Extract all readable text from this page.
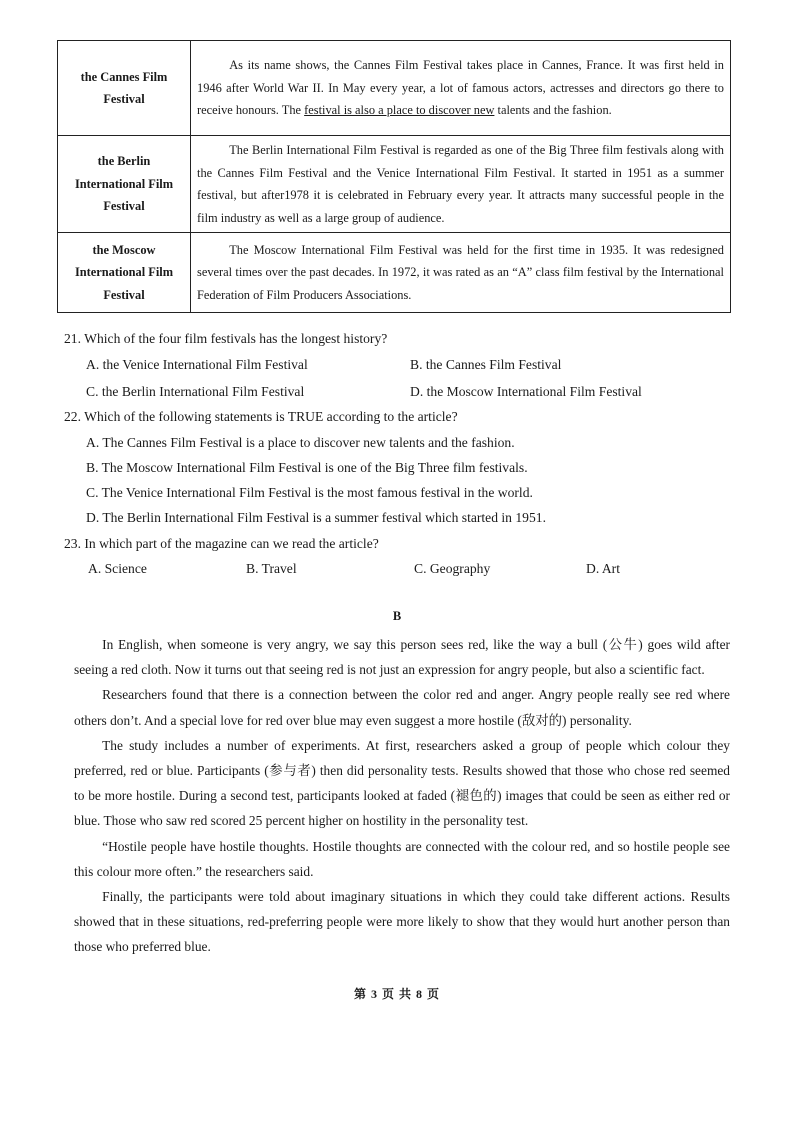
the Cannes Film Festival	As its name shows, the Cannes Film Festival takes place in Cannes, France. It was first held in 1946 after World War II. In May every year, a lot of famous actors, actresses and directors go there to receive honours. The festival is also a place to discover new talents and the fashion.
the Berlin International Film Festival	The Berlin International Film Festival is regarded as one of the Big Three film festivals along with the Cannes Film Festival and the Venice International Film Festival. It started in 1951 as a summer festival, but after1978 it is celebrated in February every year. It attracts many successful people in the film industry as well as a large group of audience.
the Moscow International Film Festival	The Moscow International Film Festival was held for the first time in 1935. It was redesigned several times over the past decades. In 1972, it was rated as an “A” class film festival by the International Federation of Film Producers Associations.
21. Which of the four film festivals has the longest history?
A. the Venice International Film Festival	B. the Cannes Film Festival
C. the Berlin International Film Festival	D. the Moscow International Film Festival
22. Which of the following statements is TRUE according to the article?
A. The Cannes Film Festival is a place to discover new talents and the fashion.
B. The Moscow International Film Festival is one of the Big Three film festivals.
C. The Venice International Film Festival is the most famous festival in the world.
D. The Berlin International Film Festival is a summer festival which started in 1951.
23. In which part of the magazine can we read the article?
A. Science	B. Travel	C. Geography	D. Art
B

In English, when someone is very angry, we say this person sees red, like the way a bull (公牛) goes wild after seeing a red cloth. Now it turns out that seeing red is not just an expression for angry people, but also a scientific fact.

Researchers found that there is a connection between the color red and anger. Angry people really see red where others don’t. And a special love for red over blue may even suggest a more hostile (敌对的) personality.

The study includes a number of experiments. At first, researchers asked a group of people which colour they preferred, red or blue. Participants (参与者) then did personality tests. Results showed that those who chose red seemed to be more hostile. During a second test, participants looked at faded (褪色的) images that could be seen as either red or blue. Those who saw red scored 25 percent higher on hostility in the personality test.

“Hostile people have hostile thoughts. Hostile thoughts are connected with the colour red, and so hostile people see this colour more often.” the researchers said.

Finally, the participants were told about imaginary situations in which they could take different actions. Results showed that in these situations, red-preferring people were more likely to show that they would hurt another person than those who preferred blue.

第 3 页 共 8 页
